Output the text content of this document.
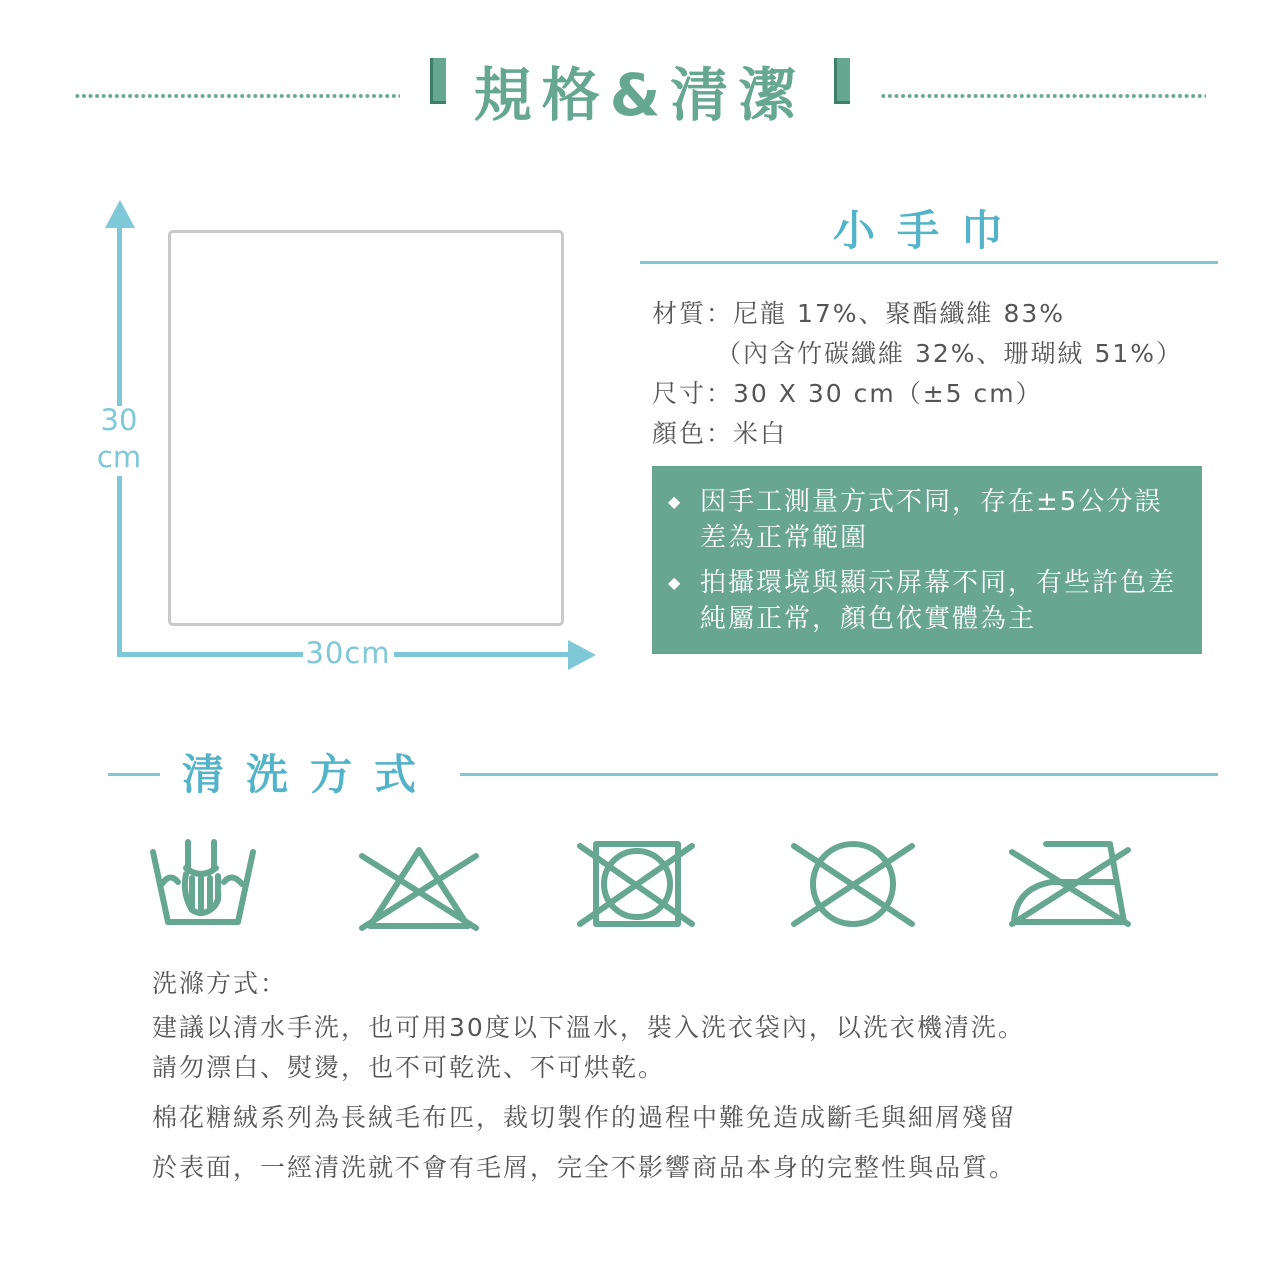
規格&清潔
30
cm
30cm
小手巾
材質：尼龍 17%、聚酯纖維 83%
（內含竹碳纖維 32%、珊瑚絨 51%）
尺寸：30 X 30 cm（±5 cm）
顏色：米白
◆ 因手工測量方式不同，存在±5公分誤差為正常範圍
◆ 拍攝環境與顯示屏幕不同，有些許色差純屬正常，顏色依實體為主
清洗方式
洗滌方式：
建議以清水手洗，也可用30度以下溫水，裝入洗衣袋內，以洗衣機清洗。
請勿漂白、熨燙，也不可乾洗、不可烘乾。
棉花糖絨系列為長絨毛布匹，裁切製作的過程中難免造成斷毛與細屑殘留
於表面，一經清洗就不會有毛屑，完全不影響商品本身的完整性與品質。
